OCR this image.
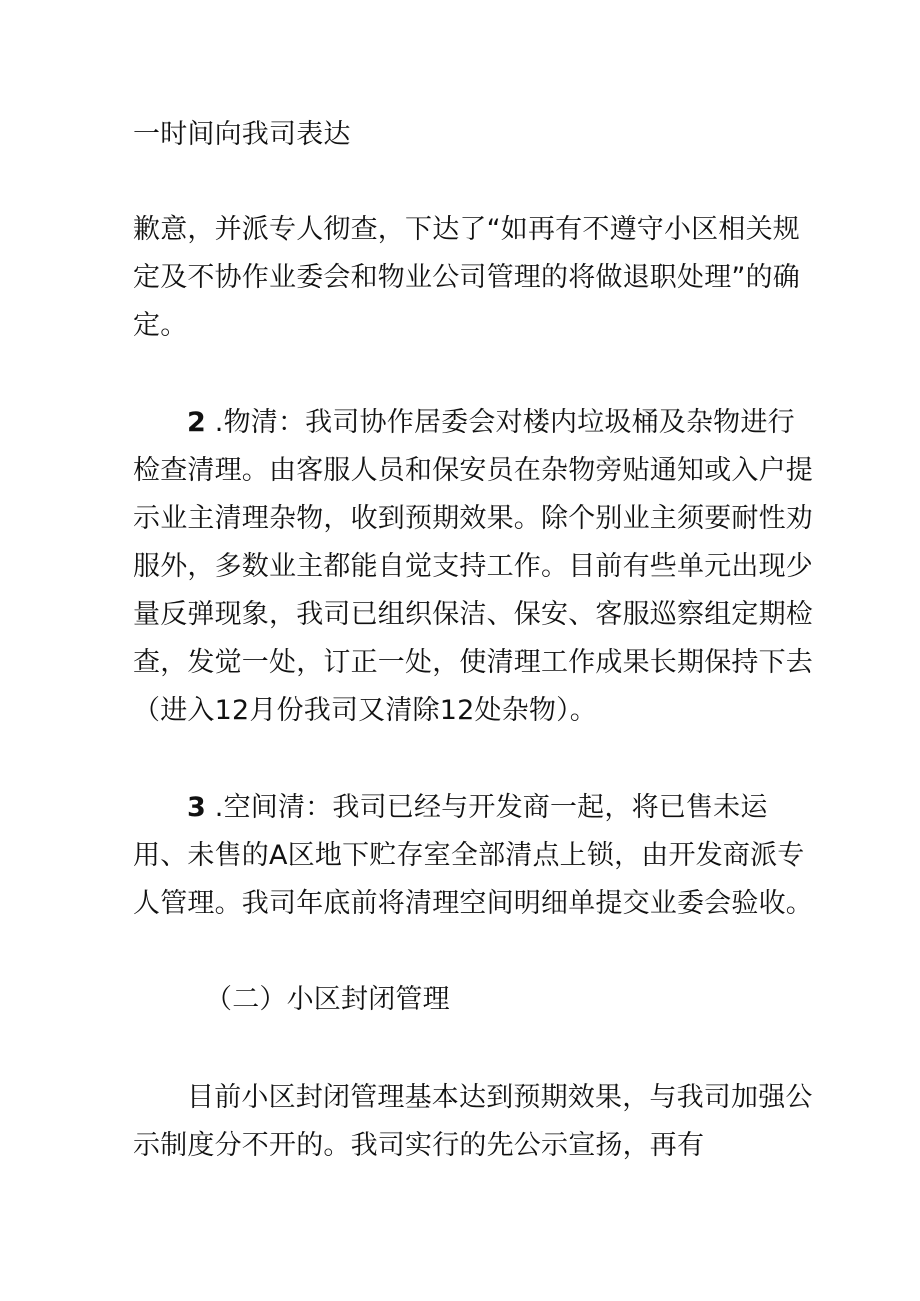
一时间向我司表达

歉意，并派专人彻查，下达了“如再有不遵守小区相关规定及不协作业委会和物业公司管理的将做退职处理”的确定。

2 .物清：我司协作居委会对楼内垃圾桶及杂物进行检查清理。由客服人员和保安员在杂物旁贴通知或入户提示业主清理杂物，收到预期效果。除个别业主须要耐性劝服外，多数业主都能自觉支持工作。目前有些单元出现少量反弹现象，我司已组织保洁、保安、客服巡察组定期检查，发觉一处，订正一处，使清理工作成果长期保持下去（进入12月份我司又清除12处杂物）。

3 .空间清：我司已经与开发商一起，将已售未运用、未售的A区地下贮存室全部清点上锁，由开发商派专人管理。我司年底前将清理空间明细单提交业委会验收。

（二）小区封闭管理

目前小区封闭管理基本达到预期效果，与我司加强公示制度分不开的。我司实行的先公示宣扬，再有
